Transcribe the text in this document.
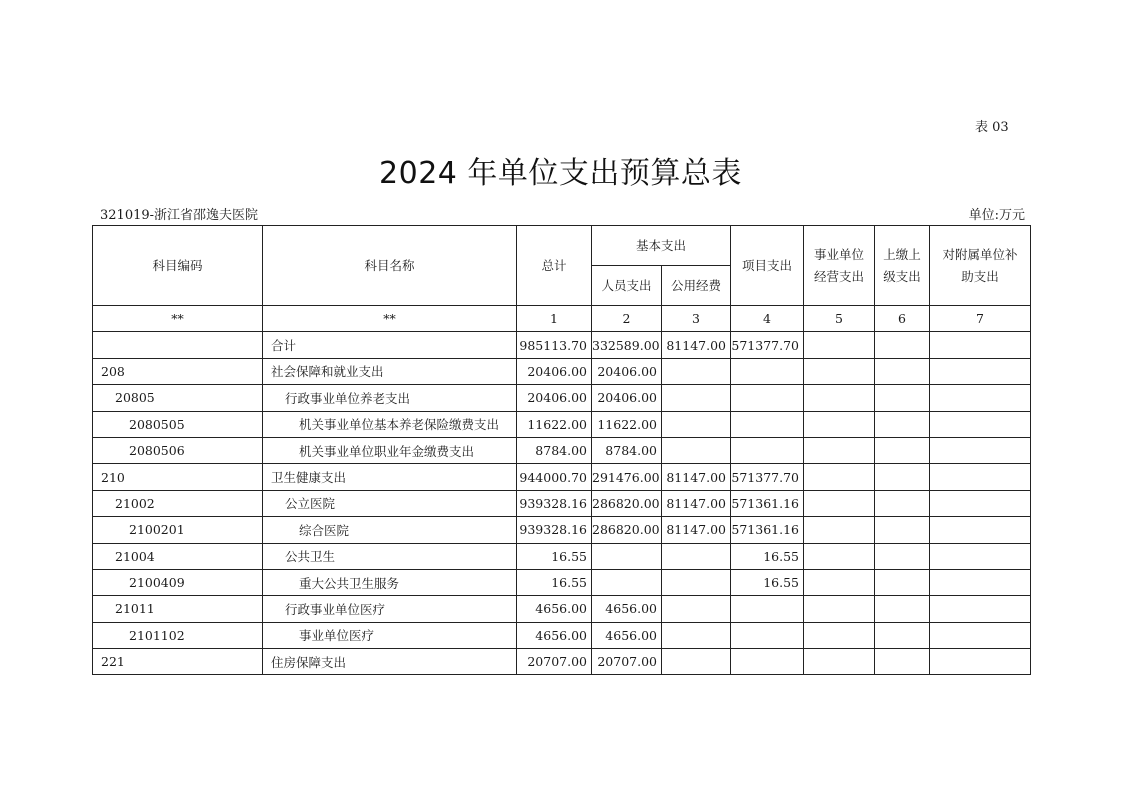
表 03
2024 年单位支出预算总表
321019-浙江省邵逸夫医院	单位:万元
科目编码	科目名称	总计	基本支出		项目支出	事业单位经营支出	上缴上级支出	对附属单位补助支出
			人员支出	公用经费				
**	**	1	2	3	4	5	6	7
	合计	985113.70	332589.00	81147.00	571377.70			
208	社会保障和就业支出	20406.00	20406.00					
20805	行政事业单位养老支出	20406.00	20406.00					
2080505	机关事业单位基本养老保险缴费支出	11622.00	11622.00					
2080506	机关事业单位职业年金缴费支出	8784.00	8784.00					
210	卫生健康支出	944000.70	291476.00	81147.00	571377.70			
21002	公立医院	939328.16	286820.00	81147.00	571361.16			
2100201	综合医院	939328.16	286820.00	81147.00	571361.16			
21004	公共卫生	16.55			16.55			
2100409	重大公共卫生服务	16.55			16.55			
21011	行政事业单位医疗	4656.00	4656.00					
2101102	事业单位医疗	4656.00	4656.00					
221	住房保障支出	20707.00	20707.00					
